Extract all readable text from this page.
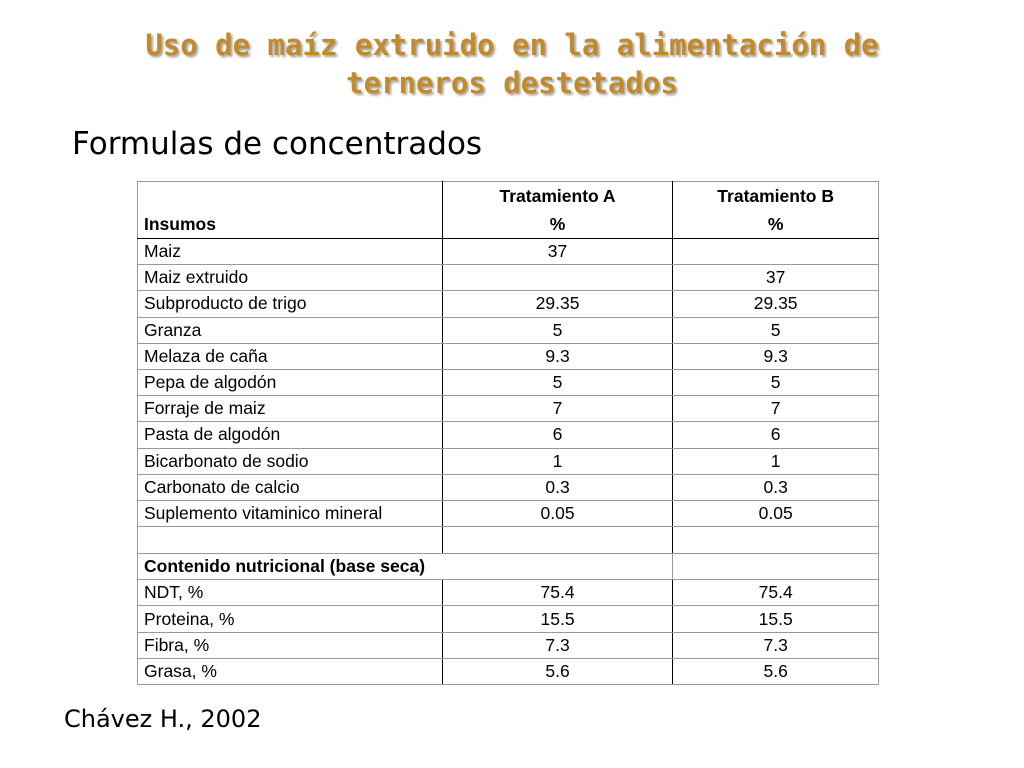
Uso de maíz extruido en la alimentación de
terneros destetados
Formulas de concentrados
	Tratamiento A	Tratamiento B
Insumos	%	%
Maiz	37	
Maiz extruido		37
Subproducto de trigo	29.35	29.35
Granza	5	5
Melaza de caña	9.3	9.3
Pepa de algodón	5	5
Forraje de maiz	7	7
Pasta de algodón	6	6
Bicarbonato de sodio	1	1
Carbonato de calcio	0.3	0.3
Suplemento vitaminico mineral	0.05	0.05

Contenido nutricional (base seca)		
NDT, %	75.4	75.4
Proteina, %	15.5	15.5
Fibra, %	7.3	7.3
Grasa, %	5.6	5.6
Chávez H., 2002
